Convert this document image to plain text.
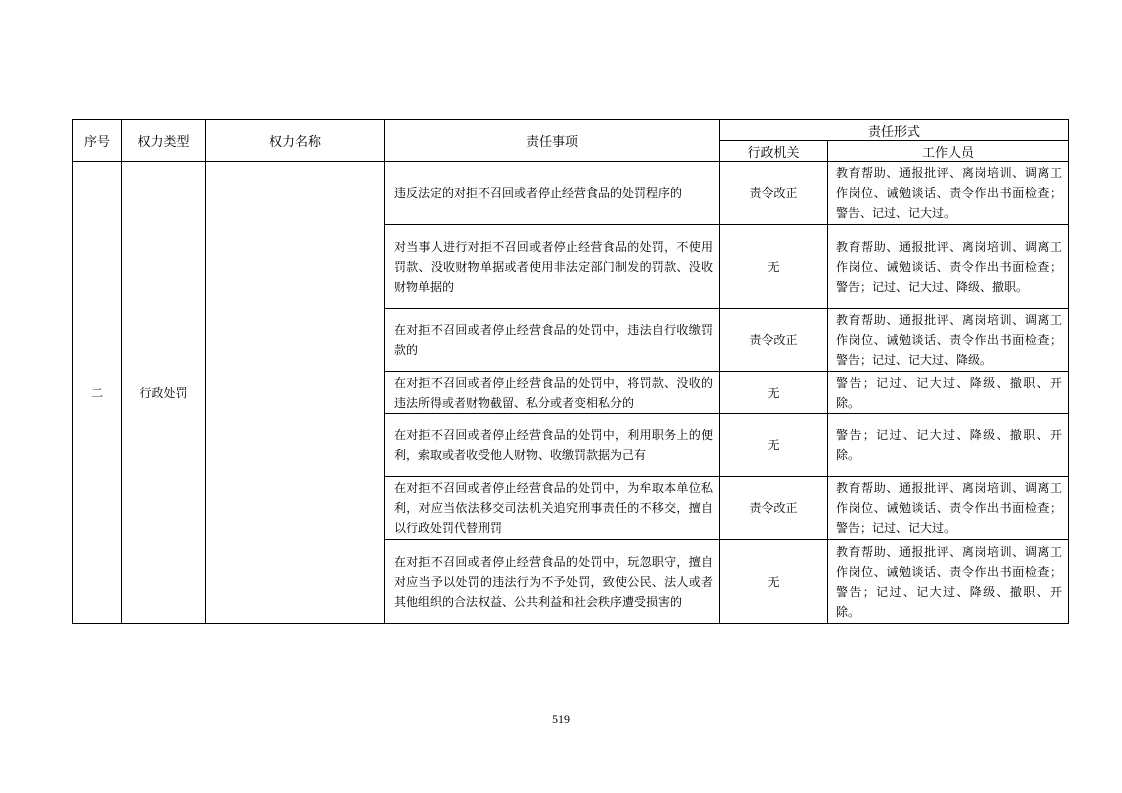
序号	权力类型	权力名称	责任事项	责任形式	
				行政机关	工作人员
二	行政处罚		违反法定的对拒不召回或者停止经营食品的处罚程序的	责令改正	教育帮助、通报批评、离岗培训、调离工作岗位、诫勉谈话、责令作出书面检查；警告、记过、记大过。
			对当事人进行对拒不召回或者停止经营食品的处罚，不使用罚款、没收财物单据或者使用非法定部门制发的罚款、没收财物单据的	无	教育帮助、通报批评、离岗培训、调离工作岗位、诫勉谈话、责令作出书面检查；警告；记过、记大过、降级、撤职。
			在对拒不召回或者停止经营食品的处罚中，违法自行收缴罚款的	责令改正	教育帮助、通报批评、离岗培训、调离工作岗位、诫勉谈话、责令作出书面检查；警告；记过、记大过、降级。
			在对拒不召回或者停止经营食品的处罚中，将罚款、没收的违法所得或者财物截留、私分或者变相私分的	无	警告；记过、记大过、降级、撤职、开除。
			在对拒不召回或者停止经营食品的处罚中，利用职务上的便利，索取或者收受他人财物、收缴罚款据为己有	无	警告；记过、记大过、降级、撤职、开除。
			在对拒不召回或者停止经营食品的处罚中，为牟取本单位私利，对应当依法移交司法机关追究刑事责任的不移交，擅自以行政处罚代替刑罚	责令改正	教育帮助、通报批评、离岗培训、调离工作岗位、诫勉谈话、责令作出书面检查；警告；记过、记大过。
			在对拒不召回或者停止经营食品的处罚中，玩忽职守，擅自对应当予以处罚的违法行为不予处罚，致使公民、法人或者其他组织的合法权益、公共利益和社会秩序遭受损害的	无	教育帮助、通报批评、离岗培训、调离工作岗位、诫勉谈话、责令作出书面检查；警告；记过、记大过、降级、撤职、开除。
519
